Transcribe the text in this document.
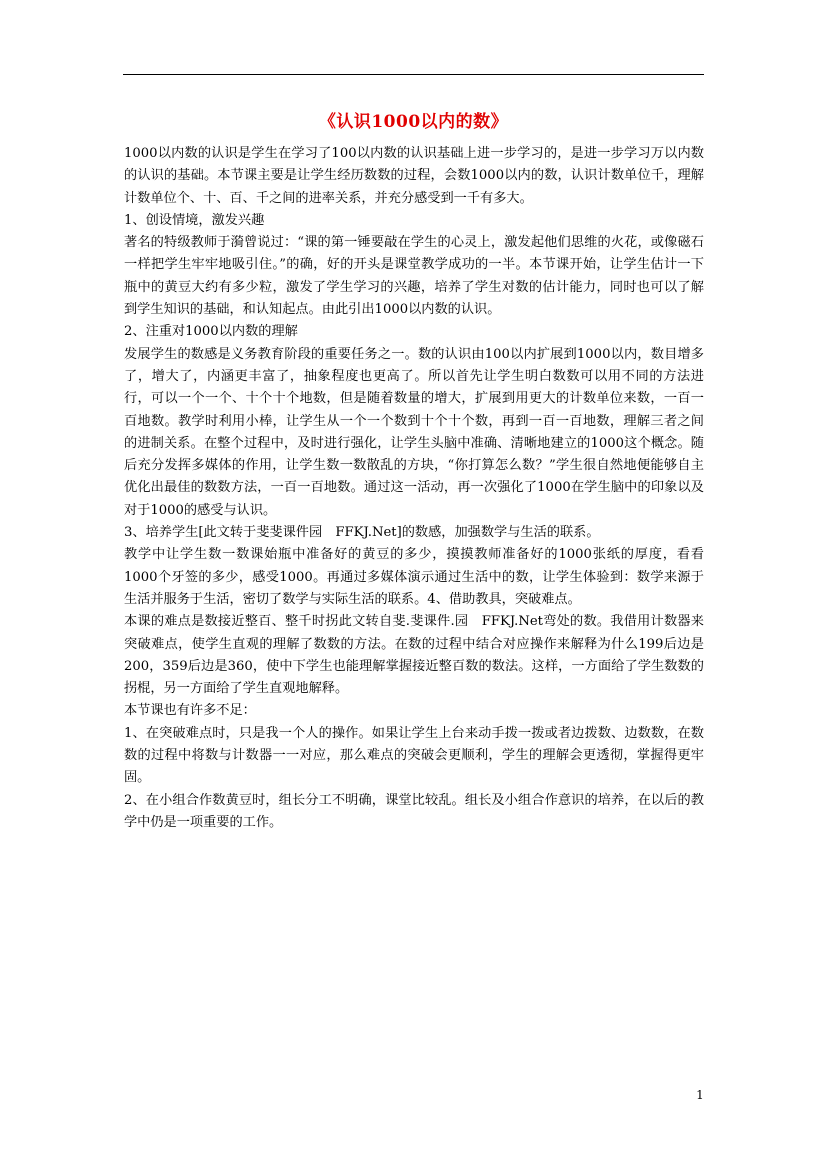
《认识1000以内的数》

1000以内数的认识是学生在学习了100以内数的认识基础上进一步学习的，是进一步学习万以内数的认识的基础。本节课主要是让学生经历数数的过程，会数1000以内的数，认识计数单位千，理解计数单位个、十、百、千之间的进率关系，并充分感受到一千有多大。

1、创设情境，激发兴趣

著名的特级教师于漪曾说过：“课的第一锤要敲在学生的心灵上，激发起他们思维的火花，或像磁石一样把学生牢牢地吸引住。”的确，好的开头是课堂教学成功的一半。本节课开始，让学生估计一下瓶中的黄豆大约有多少粒，激发了学生学习的兴趣，培养了学生对数的估计能力，同时也可以了解到学生知识的基础，和认知起点。由此引出1000以内数的认识。

2、注重对1000以内数的理解

发展学生的数感是义务教育阶段的重要任务之一。数的认识由100以内扩展到1000以内，数目增多了，增大了，内涵更丰富了，抽象程度也更高了。所以首先让学生明白数数可以用不同的方法进行，可以一个一个、十个十个地数，但是随着数量的增大，扩展到用更大的计数单位来数，一百一百地数。教学时利用小棒，让学生从一个一个数到十个十个数，再到一百一百地数，理解三者之间的进制关系。在整个过程中，及时进行强化，让学生头脑中准确、清晰地建立的1000这个概念。随后充分发挥多媒体的作用，让学生数一数散乱的方块，“你打算怎么数？”学生很自然地便能够自主优化出最佳的数数方法，一百一百地数。通过这一活动，再一次强化了1000在学生脑中的印象以及对于1000的感受与认识。

3、培养学生[此文转于斐斐课件园　FFKJ.Net]的数感，加强数学与生活的联系。

教学中让学生数一数课始瓶中准备好的黄豆的多少，摸摸教师准备好的1000张纸的厚度，看看1000个牙签的多少，感受1000。再通过多媒体演示通过生活中的数，让学生体验到：数学来源于生活并服务于生活，密切了数学与实际生活的联系。4、借助教具，突破难点。

本课的难点是数接近整百、整千时拐此文转自斐.斐课件.园　FFKJ.Net弯处的数。我借用计数器来突破难点，使学生直观的理解了数数的方法。在数的过程中结合对应操作来解释为什么199后边是200，359后边是360，使中下学生也能理解掌握接近整百数的数法。这样，一方面给了学生数数的拐棍，另一方面给了学生直观地解释。

本节课也有许多不足：

1、在突破难点时，只是我一个人的操作。如果让学生上台来动手拨一拨或者边拨数、边数数，在数数的过程中将数与计数器一一对应，那么难点的突破会更顺利，学生的理解会更透彻，掌握得更牢固。

2、在小组合作数黄豆时，组长分工不明确，课堂比较乱。组长及小组合作意识的培养，在以后的教学中仍是一项重要的工作。

1
